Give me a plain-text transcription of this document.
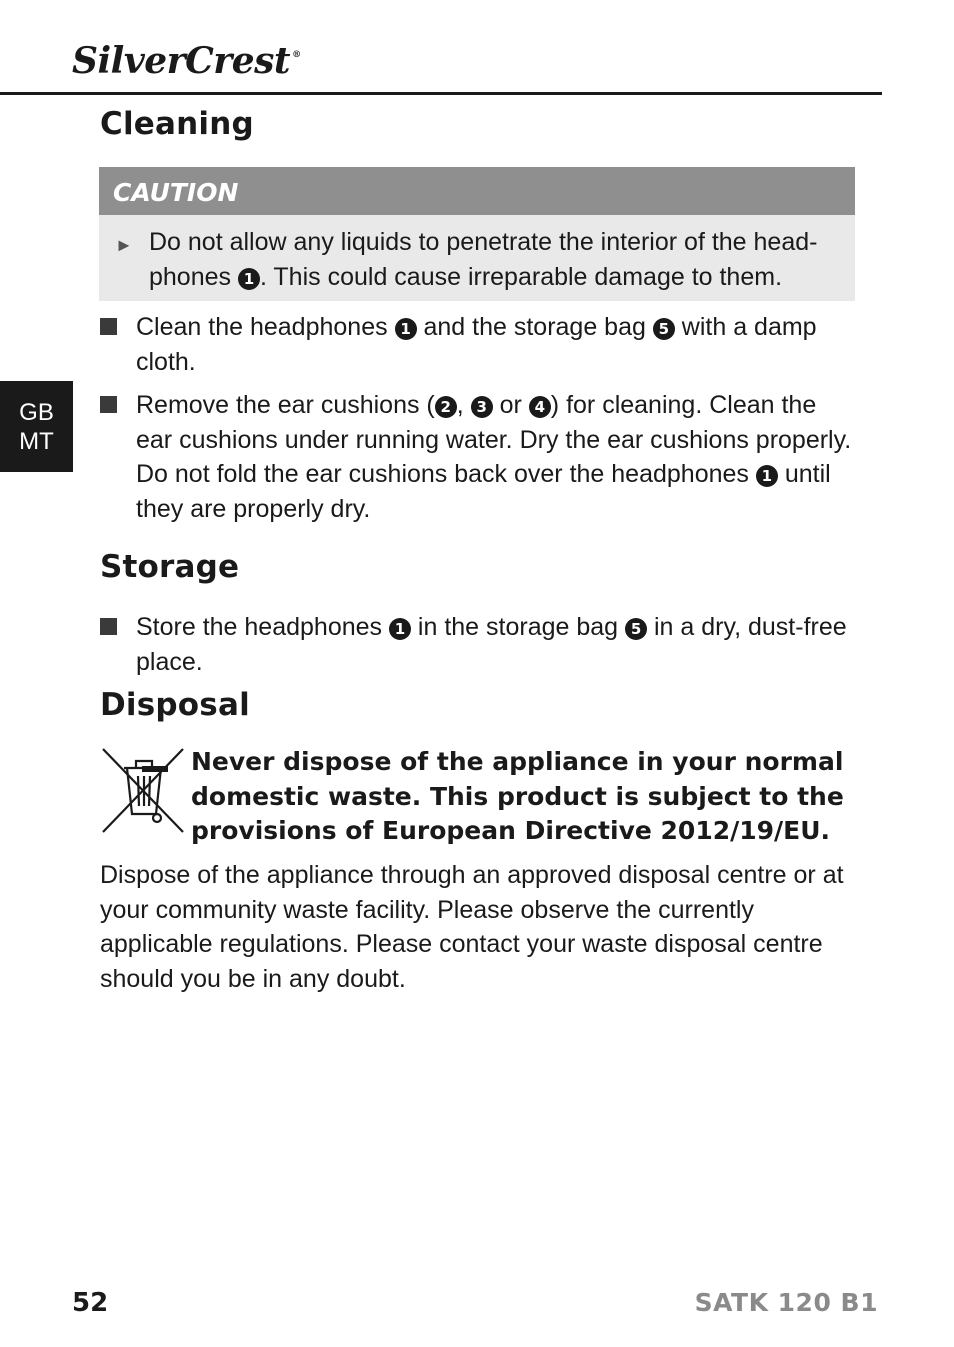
SilverCrest ®
GB
MT
Cleaning
CAUTION
► Do not allow any liquids to penetrate the interior of the head-
phones 1 . This could cause irreparable damage to them.
Clean the headphones 1 and the storage bag 5 with a damp cloth.
Remove the ear cushions ( 2 , 3 or 4 ) for cleaning. Clean the ear cushions under running water. Dry the ear cushions properly. Do not fold the ear cushions back over the headphones 1 until they are properly dry.
Storage
Store the headphones 1 in the storage bag 5 in a dry, dust-free place.
Disposal
Never dispose of the appliance in your normal domestic waste. This product is subject to the provisions of European Directive 2012/19/EU.
Dispose of the appliance through an approved disposal centre or at your community waste facility. Please observe the currently applicable regulations. Please contact your waste disposal centre should you be in any doubt.
52	SATK 120 B1
